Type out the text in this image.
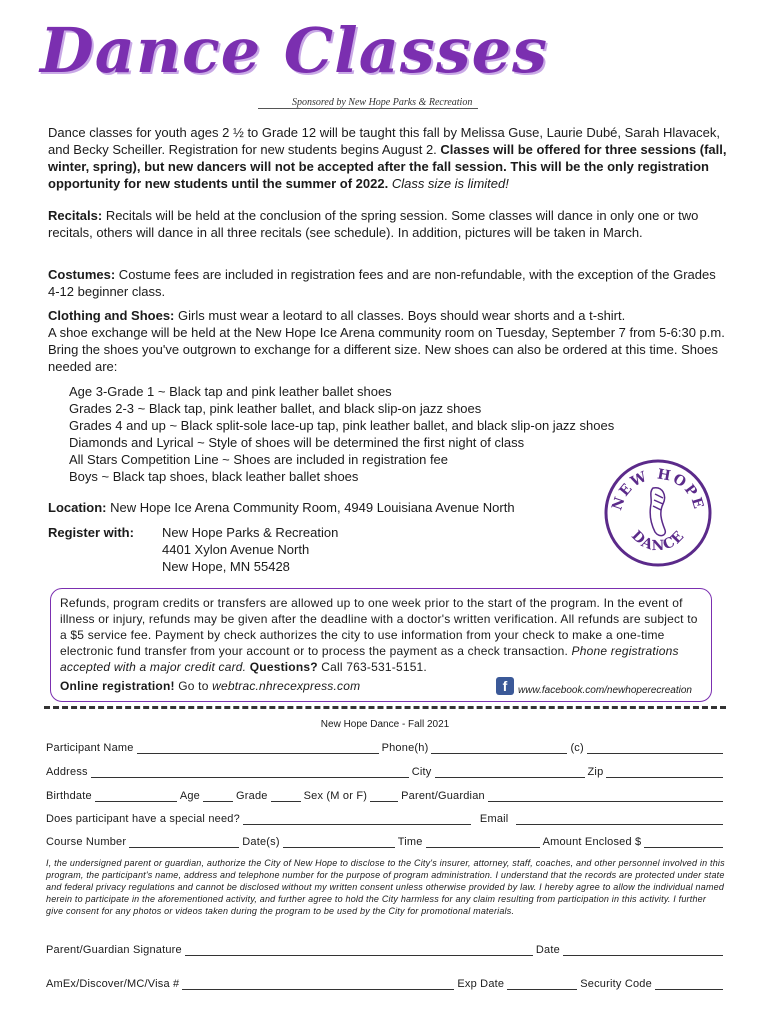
Dance Classes
Sponsored by New Hope Parks & Recreation
Dance classes for youth ages 2 ½ to Grade 12 will be taught this fall by Melissa Guse, Laurie Dubé, Sarah Hlavacek, and Becky Scheiller. Registration for new students begins August 2. Classes will be offered for three sessions (fall, winter, spring), but new dancers will not be accepted after the fall session. This will be the only registration opportunity for new students until the summer of 2022. Class size is limited!
Recitals: Recitals will be held at the conclusion of the spring session. Some classes will dance in only one or two recitals, others will dance in all three recitals (see schedule). In addition, pictures will be taken in March.
Costumes: Costume fees are included in registration fees and are non-refundable, with the exception of the Grades 4-12 beginner class.
Clothing and Shoes: Girls must wear a leotard to all classes. Boys should wear shorts and a t-shirt.
A shoe exchange will be held at the New Hope Ice Arena community room on Tuesday, September 7 from 5-6:30 p.m. Bring the shoes you've outgrown to exchange for a different size. New shoes can also be ordered at this time. Shoes needed are:
Age 3-Grade 1 ~ Black tap and pink leather ballet shoes
Grades 2-3 ~ Black tap, pink leather ballet, and black slip-on jazz shoes
Grades 4 and up ~ Black split-sole lace-up tap, pink leather ballet, and black slip-on jazz shoes
Diamonds and Lyrical ~ Style of shoes will be determined the first night of class
All Stars Competition Line ~ Shoes are included in registration fee
Boys ~ Black tap shoes, black leather ballet shoes
Location: New Hope Ice Arena Community Room, 4949 Louisiana Avenue North
Register with:	New Hope Parks & Recreation
4401 Xylon Avenue North
New Hope, MN 55428
NEW HOPE
DANCE
Refunds, program credits or transfers are allowed up to one week prior to the start of the program. In the event of illness or injury, refunds may be given after the deadline with a doctor's written verification. All refunds are subject to a $5 service fee. Payment by check authorizes the city to use information from your check to make a one-time electronic fund transfer from your account or to process the payment as a check transaction. Phone registrations accepted with a major credit card. Questions? Call 763-531-5151.
Online registration! Go to webtrac.nhrecexpress.com	f	www.facebook.com/newhoperecreation
New Hope Dance - Fall 2021
Participant Name	Phone(h)	(c)
Address	City	Zip
Birthdate	Age	Grade	Sex (M or F)	Parent/Guardian
Does participant have a special need?	Email
Course Number	Date(s)	Time	Amount Enclosed $
I, the undersigned parent or guardian, authorize the City of New Hope to disclose to the City's insurer, attorney, staff, coaches, and other personnel involved in this program, the participant's name, address and telephone number for the purpose of program administration. I understand that the records are protected under state and federal privacy regulations and cannot be disclosed without my written consent unless otherwise provided by law. I hereby agree to allow the individual named herein to participate in the aforementioned activity, and further agree to hold the City harmless for any claim resulting from participation in this activity. I further give consent for any photos or videos taken during the program to be used by the City for promotional materials.
Parent/Guardian Signature	Date
AmEx/Discover/MC/Visa #	Exp Date	Security Code
